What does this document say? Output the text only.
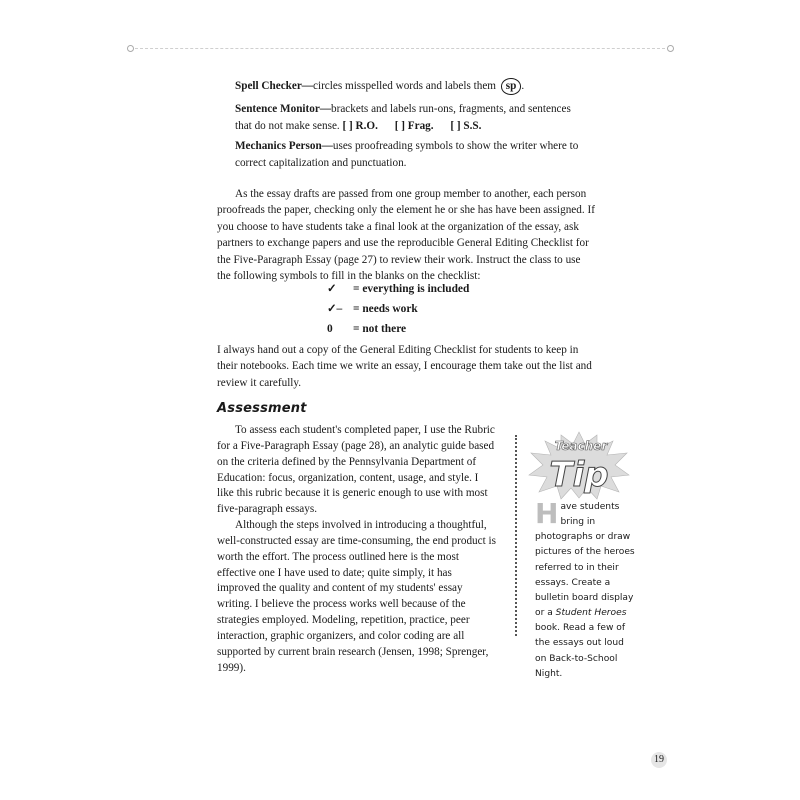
Spell Checker—circles misspelled words and labels them sp .
Sentence Monitor—brackets and labels run-ons, fragments, and sentences
that do not make sense. [ ] R.O. [ ] Frag. [ ] S.S.
Mechanics Person—uses proofreading symbols to show the writer where to
correct capitalization and punctuation.
As the essay drafts are passed from one group member to another, each person proofreads the paper, checking only the element he or she has have been assigned. If you choose to have students take a final look at the organization of the essay, ask partners to exchange papers and use the reproducible General Editing Checklist for the Five-Paragraph Essay (page 27) to review their work. Instruct the class to use the following symbols to fill in the blanks on the checklist:
✓ = everything is included
✓– = needs work
0 = not there
I always hand out a copy of the General Editing Checklist for students to keep in their notebooks. Each time we write an essay, I encourage them take out the list and review it carefully.
Assessment
To assess each student's completed paper, I use the Rubric for a Five-Paragraph Essay (page 28), an analytic guide based on the criteria defined by the Pennsylvania Department of Education: focus, organization, content, usage, and style. I like this rubric because it is generic enough to use with most five-paragraph essays.
Although the steps involved in introducing a thoughtful, well-constructed essay are time-consuming, the end product is worth the effort. The process outlined here is the most effective one I have used to date; quite simply, it has improved the quality and content of my students' essay writing. I believe the process works well because of the strategies employed. Modeling, repetition, practice, peer interaction, graphic organizers, and color coding are all supported by current brain research (Jensen, 1998; Sprenger, 1999).
Teacher
Tip
Have students bring in photographs or draw pictures of the heroes referred to in their essays. Create a bulletin board display or a Student Heroes book. Read a few of the essays out loud on Back-to-School Night.
19
